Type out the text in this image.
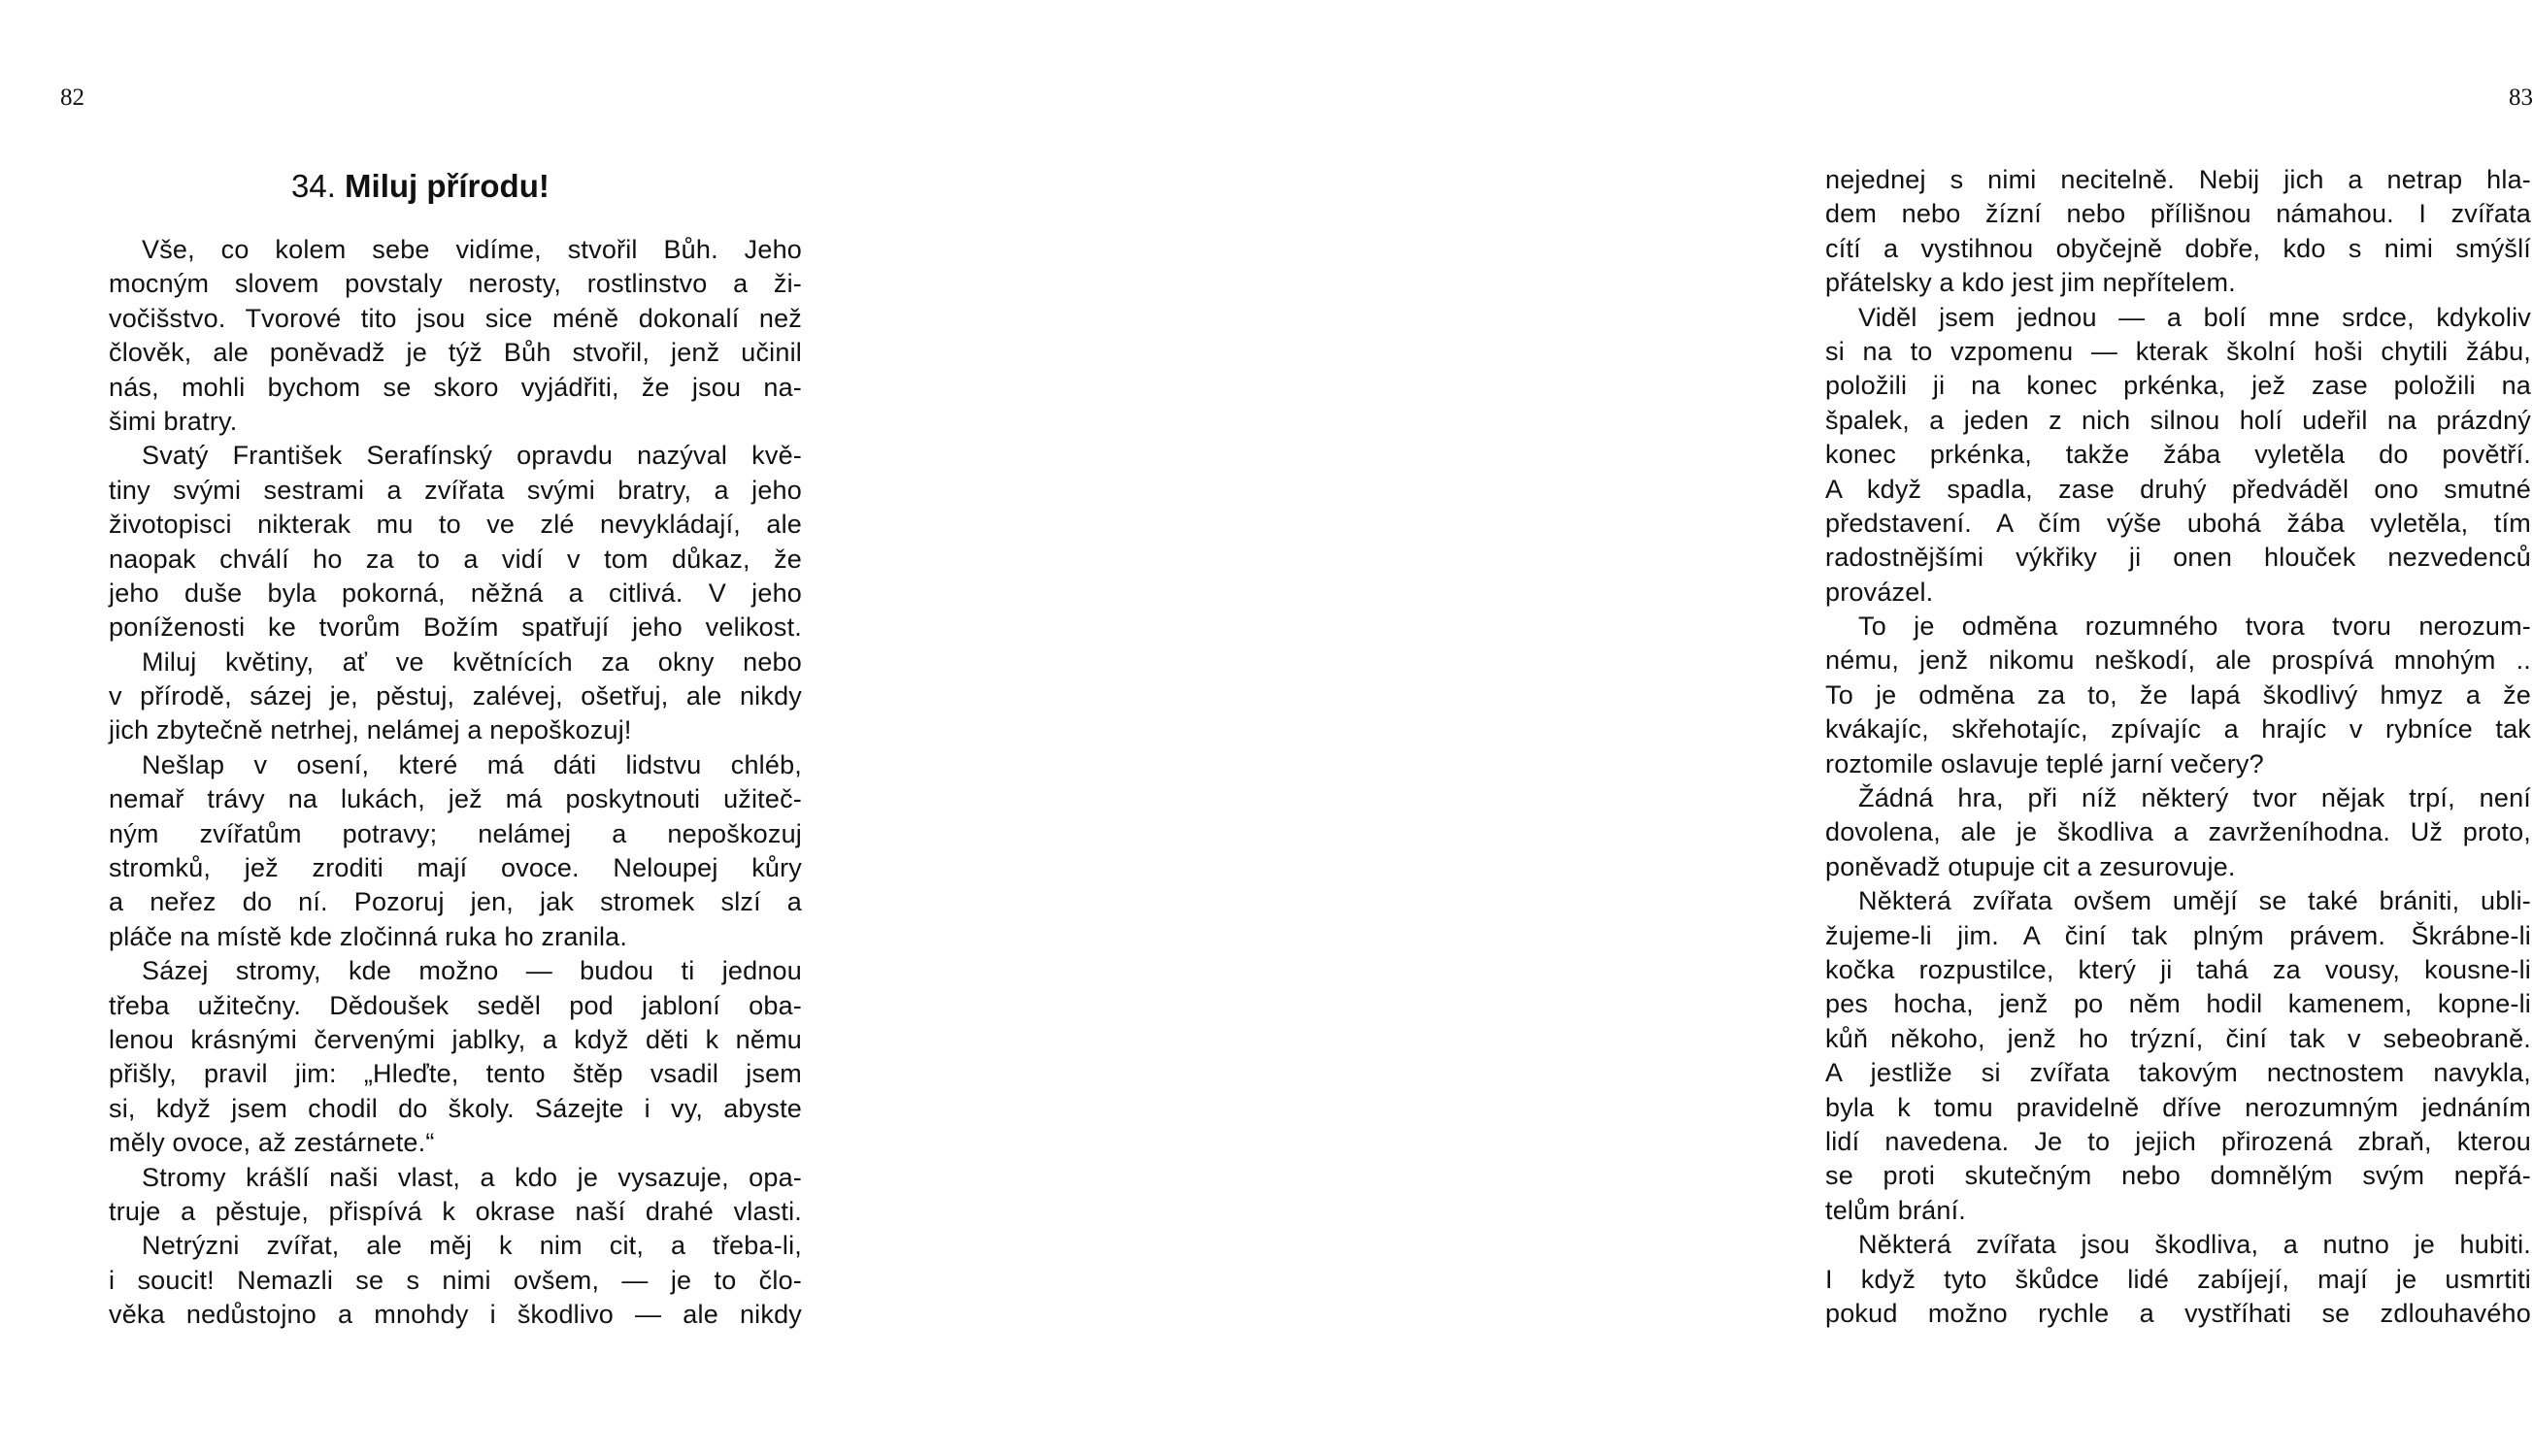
82
34. Miluj přírodu!
Vše, co kolem sebe vidíme, stvořil Bůh. Jeho
mocným slovem povstaly nerosty, rostlinstvo a ži-
vočišstvo. Tvorové tito jsou sice méně dokonalí než
člověk, ale poněvadž je týž Bůh stvořil, jenž učinil
nás, mohli bychom se skoro vyjádřiti, že jsou na-
šimi bratry.
Svatý František Serafínský opravdu nazýval kvě-
tiny svými sestrami a zvířata svými bratry, a jeho
životopisci nikterak mu to ve zlé nevykládají, ale
naopak chválí ho za to a vidí v tom důkaz, že
jeho duše byla pokorná, něžná a citlivá. V jeho
poníženosti ke tvorům Božím spatřují jeho velikost.
Miluj květiny, ať ve květnících za okny nebo
v přírodě, sázej je, pěstuj, zalévej, ošetřuj, ale nikdy
jich zbytečně netrhej, nelámej a nepoškozuj!
Nešlap v osení, které má dáti lidstvu chléb,
nemař trávy na lukách, jež má poskytnouti užiteč-
ným zvířatům potravy; nelámej a nepoškozuj
stromků, jež zroditi mají ovoce. Neloupej kůry
a neřez do ní. Pozoruj jen, jak stromek slzí a
pláče na místě kde zločinná ruka ho zranila.
Sázej stromy, kde možno — budou ti jednou
třeba užitečny. Dědoušek seděl pod jabloní oba-
lenou krásnými červenými jablky, a když děti k němu
přišly, pravil jim: „Hleďte, tento štěp vsadil jsem
si, když jsem chodil do školy. Sázejte i vy, abyste
měly ovoce, až zestárnete.“
Stromy krášlí naši vlast, a kdo je vysazuje, opa-
truje a pěstuje, přispívá k okrase naší drahé vlasti.
Netrýzni zvířat, ale měj k nim cit, a třeba-li,
i soucit! Nemazli se s nimi ovšem, — je to člo-
věka nedůstojno a mnohdy i škodlivo — ale nikdy
83
nejednej s nimi necitelně. Nebij jich a netrap hla-
dem nebo žízní nebo přílišnou námahou. I zvířata
cítí a vystihnou obyčejně dobře, kdo s nimi smýšlí
přátelsky a kdo jest jim nepřítelem.
Viděl jsem jednou — a bolí mne srdce, kdykoliv
si na to vzpomenu — kterak školní hoši chytili žábu,
položili ji na konec prkénka, jež zase položili na
špalek, a jeden z nich silnou holí udeřil na prázdný
konec prkénka, takže žába vyletěla do povětří.
A když spadla, zase druhý předváděl ono smutné
představení. A čím výše ubohá žába vyletěla, tím
radostnějšími výkřiky ji onen hlouček nezvedenců
provázel.
To je odměna rozumného tvora tvoru nerozum-
nému, jenž nikomu neškodí, ale prospívá mnohým ..
To je odměna za to, že lapá škodlivý hmyz a že
kvákajíc, skřehotajíc, zpívajíc a hrajíc v rybníce tak
roztomile oslavuje teplé jarní večery?
Žádná hra, při níž některý tvor nějak trpí, není
dovolena, ale je škodliva a zavrženíhodna. Už proto,
poněvadž otupuje cit a zesurovuje.
Některá zvířata ovšem umějí se také brániti, ubli-
žujeme-li jim. A činí tak plným právem. Škrábne-li
kočka rozpustilce, který ji tahá za vousy, kousne-li
pes hocha, jenž po něm hodil kamenem, kopne-li
kůň někoho, jenž ho trýzní, činí tak v sebeobraně.
A jestliže si zvířata takovým nectnostem navykla,
byla k tomu pravidelně dříve nerozumným jednáním
lidí navedena. Je to jejich přirozená zbraň, kterou
se proti skutečným nebo domnělým svým nepřá-
telům brání.
Některá zvířata jsou škodliva, a nutno je hubiti.
I když tyto škůdce lidé zabíjejí, mají je usmrtiti
pokud možno rychle a vystříhati se zdlouhavého
